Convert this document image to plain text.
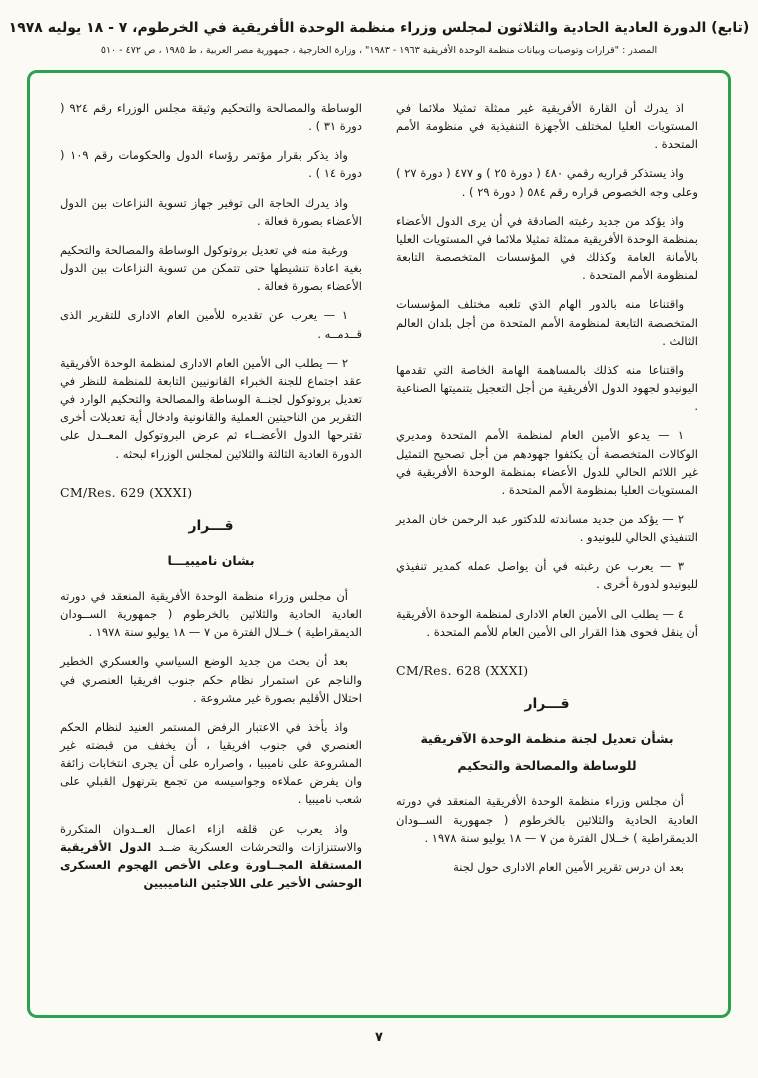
(تابع) الدورة العادية الحادية والثلاثون لمجلس وزراء منظمة الوحدة الأفريقية في الخرطوم، ٧ - ١٨ يوليه ١٩٧٨
المصدر : "قرارات وتوصيات وبيانات منظمة الوحدة الأفريقية ١٩٦٣ - ١٩٨٣" ، وزارة الخارجية ، جمهورية مصر العربية ، ط ١٩٨٥ ، ص ٤٧٢ - ٥١٠

اذ يدرك أن القارة الأفريقية غير ممثلة تمثيلا ملائما في المستويات العليا لمختلف الأجهزة التنفيذية في منظومة الأمم المتحدة .

واذ يستذكر قراريه رقمي ٤٨٠ ( دورة ٢٥ ) و ٤٧٧ ( دورة ٢٧ ) وعلى وجه الخصوص قراره رقم ٥٨٤ ( دورة ٢٩ ) .

واذ يؤكد من جديد رغبته الصادقة في أن يرى الدول الأعضاء بمنظمة الوحدة الأفريقية ممثلة تمثيلا ملائما في المستويات العليا بالأمانة العامة وكذلك في المؤسسات المتخصصة التابعة لمنظومة الأمم المتحدة .

واقتناعا منه بالدور الهام الذي تلعبه مختلف المؤسسات المتخصصة التابعة لمنظومة الأمم المتحدة من أجل بلدان العالم الثالث .

واقتناعا منه كذلك بالمساهمة الهامة الخاصة التي تقدمها اليونيدو لجهود الدول الأفريقية من أجل التعجيل بتنميتها الصناعية .

١ — يدعو الأمين العام لمنظمة الأمم المتحدة ومديري الوكالات المتخصصة أن يكثفوا جهودهم من أجل تصحيح التمثيل غير اللائم الحالي للدول الأعضاء بمنظمة الوحدة الأفريقية في المستويات العليا بمنظومة الأمم المتحدة .

٢ — يؤكد من جديد مساندته للدكتور عبد الرحمن خان المدير التنفيذي الحالي لليونيدو .

٣ — يعرب عن رغبته في أن يواصل عمله كمدير تنفيذي لليونيدو لدورة أخرى .

٤ — يطلب الى الأمين العام الادارى لمنظمة الوحدة الأفريقية أن ينقل فحوى هذا القرار الى الأمين العام للأمم المتحدة .

CM/Res. 628 (XXXI)
قـــرار
بشأن تعديل لجنة منظمة الوحدة الآفريقية
للوساطة والمصالحة والتحكيم

أن مجلس وزراء منظمة الوحدة الأفريقية المنعقد في دورته العادية الحادية والثلاثين بالخرطوم ( جمهورية الســودان الديمقراطية ) خــلال الفترة من ٧ — ١٨ يوليو سنة ١٩٧٨ .

بعد ان درس تقرير الأمين العام الادارى حول لجنة

الوساطة والمصالحة والتحكيم وثيقة مجلس الوزراء رقم ٩٢٤ ( دورة ٣١ ) .

واذ يذكر بقرار مؤتمر رؤساء الدول والحكومات رقم ١٠٩ ( دورة ١٤ ) .

واذ يدرك الحاجة الى توفير جهاز تسوية النزاعات بين الدول الأعضاء بصورة فعالة .

ورغبة منه في تعديل بروتوكول الوساطة والمصالحة والتحكيم بغية اعادة تنشيطها حتى تتمكن من تسوية النزاعات بين الدول الأعضاء بصورة فعالة .

١ — يعرب عن تقديره للأمين العام الادارى للتقرير الذى قــدمــه .

٢ — يطلب الى الأمين العام الادارى لمنظمة الوحدة الأفريقية عقد اجتماع للجنة الخبراء القانونيين التابعة للمنظمة للنظر في تعديل بروتوكول لجنــة الوساطة والمصالحة والتحكيم الوارد في التقرير من الناحيتين العملية والقانونية وادخال أية تعديلات أخرى تقترحها الدول الأعضــاء ثم عرض البروتوكول المعــدل على الدورة العادية الثالثة والثلاثين لمجلس الوزراء لبحثه .

CM/Res. 629 (XXXI)
قـــرار
بشان ناميبيـــا

أن مجلس وزراء منظمة الوحدة الأفريقية المنعقد في دورته العادية الحادية والثلاثين بالخرطوم ( جمهورية الســودان الديمقراطية ) خــلال الفترة من ٧ — ١٨ يوليو سنة ١٩٧٨ .

بعد أن بحث من جديد الوضع السياسي والعسكري الخطير والناجم عن استمرار نظام حكم جنوب افريقيا العنصري في احتلال الأقليم بصورة غير مشروعة .

واذ يأخذ في الاعتبار الرفض المستمر العنيد لنظام الحكم العنصري في جنوب افريقيا ، أن يخفف من قبضته غير المشروعة على ناميبيا ، واصراره على أن يجرى انتخابات زائفة وان يفرض عملاءه وجواسيسه من تجمع بترنهول القبلي على شعب ناميبيا .

واذ يعرب عن قلقه ازاء اعمال العــدوان المتكررة والاستنزازات والتحرشات العسكرية ضــد الدول الأفريقية المستقلة المجــاورة وعلى الأخص الهجوم العسكرى الوحشى الأخير على اللاجئين الناميبيين

٧
